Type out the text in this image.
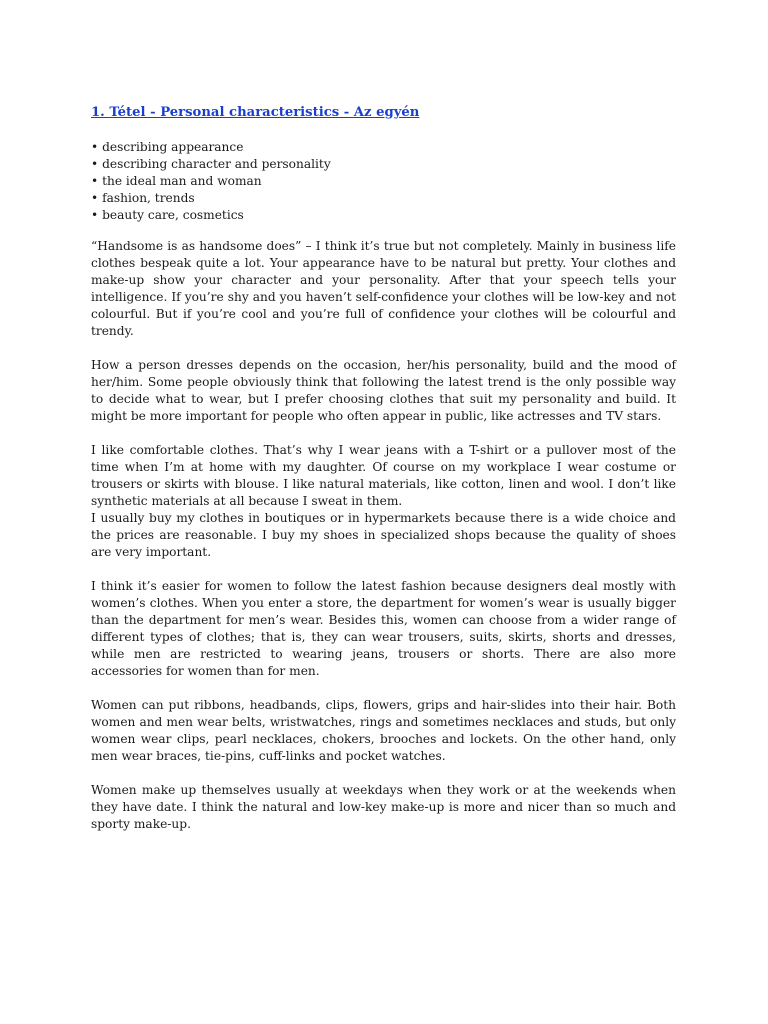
1. Tétel - Personal characteristics - Az egyén
• describing appearance
• describing character and personality
• the ideal man and woman
• fashion, trends
• beauty care, cosmetics

“Handsome is as handsome does” – I think it’s true but not completely. Mainly in business life clothes bespeak quite a lot. Your appearance have to be natural but pretty. Your clothes and make-up show your character and your personality. After that your speech tells your intelligence. If you’re shy and you haven’t self-confidence your clothes will be low-key and not colourful. But if you’re cool and you’re full of confidence your clothes will be colourful and trendy.

How a person dresses depends on the occasion, her/his personality, build and the mood of her/him. Some people obviously think that following the latest trend is the only possible way to decide what to wear, but I prefer choosing clothes that suit my personality and build. It might be more important for people who often appear in public, like actresses and TV stars.

I like comfortable clothes. That’s why I wear jeans with a T-shirt or a pullover most of the time when I’m at home with my daughter. Of course on my workplace I wear costume or trousers or skirts with blouse. I like natural materials, like cotton, linen and wool. I don’t like synthetic materials at all because I sweat in them.

I usually buy my clothes in boutiques or in hypermarkets because there is a wide choice and the prices are reasonable. I buy my shoes in specialized shops because the quality of shoes are very important.

I think it’s easier for women to follow the latest fashion because designers deal mostly with women’s clothes. When you enter a store, the department for women’s wear is usually bigger than the department for men’s wear. Besides this, women can choose from a wider range of different types of clothes; that is, they can wear trousers, suits, skirts, shorts and dresses, while men are restricted to wearing jeans, trousers or shorts. There are also more accessories for women than for men.

Women can put ribbons, headbands, clips, flowers, grips and hair-slides into their hair. Both women and men wear belts, wristwatches, rings and sometimes necklaces and studs, but only women wear clips, pearl necklaces, chokers, brooches and lockets. On the other hand, only men wear braces, tie-pins, cuff-links and pocket watches.

Women make up themselves usually at weekdays when they work or at the weekends when they have date. I think the natural and low-key make-up is more and nicer than so much and sporty make-up.
